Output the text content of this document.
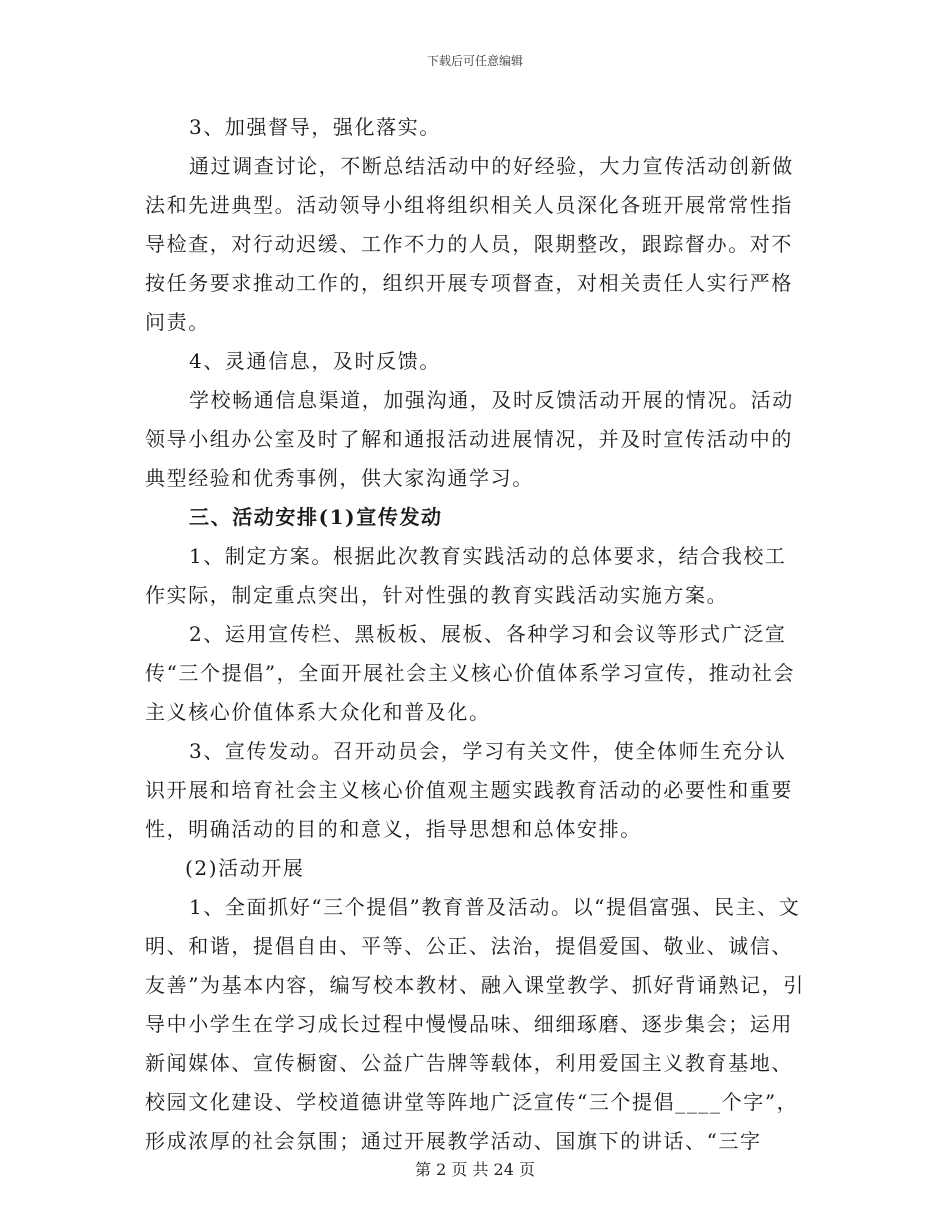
下载后可任意编辑

3、加强督导，强化落实。

通过调查讨论，不断总结活动中的好经验，大力宣传活动创新做法和先进典型。活动领导小组将组织相关人员深化各班开展常常性指导检查，对行动迟缓、工作不力的人员，限期整改，跟踪督办。对不按任务要求推动工作的，组织开展专项督查，对相关责任人实行严格问责。

4、灵通信息，及时反馈。

学校畅通信息渠道，加强沟通，及时反馈活动开展的情况。活动领导小组办公室及时了解和通报活动进展情况，并及时宣传活动中的典型经验和优秀事例，供大家沟通学习。

三、活动安排(1)宣传发动

1、制定方案。根据此次教育实践活动的总体要求，结合我校工作实际，制定重点突出，针对性强的教育实践活动实施方案。

2、运用宣传栏、黑板板、展板、各种学习和会议等形式广泛宣传“三个提倡”，全面开展社会主义核心价值体系学习宣传，推动社会主义核心价值体系大众化和普及化。

3、宣传发动。召开动员会，学习有关文件，使全体师生充分认识开展和培育社会主义核心价值观主题实践教育活动的必要性和重要性，明确活动的目的和意义，指导思想和总体安排。

(2)活动开展

1、全面抓好“三个提倡”教育普及活动。以“提倡富强、民主、文明、和谐，提倡自由、平等、公正、法治，提倡爱国、敬业、诚信、友善”为基本内容，编写校本教材、融入课堂教学、抓好背诵熟记，引导中小学生在学习成长过程中慢慢品味、细细琢磨、逐步集会；运用新闻媒体、宣传橱窗、公益广告牌等载体，利用爱国主义教育基地、校园文化建设、学校道德讲堂等阵地广泛宣传“三个提倡____个字”，形成浓厚的社会氛围；通过开展教学活动、国旗下的讲话、“三字

第 2 页 共 24 页
